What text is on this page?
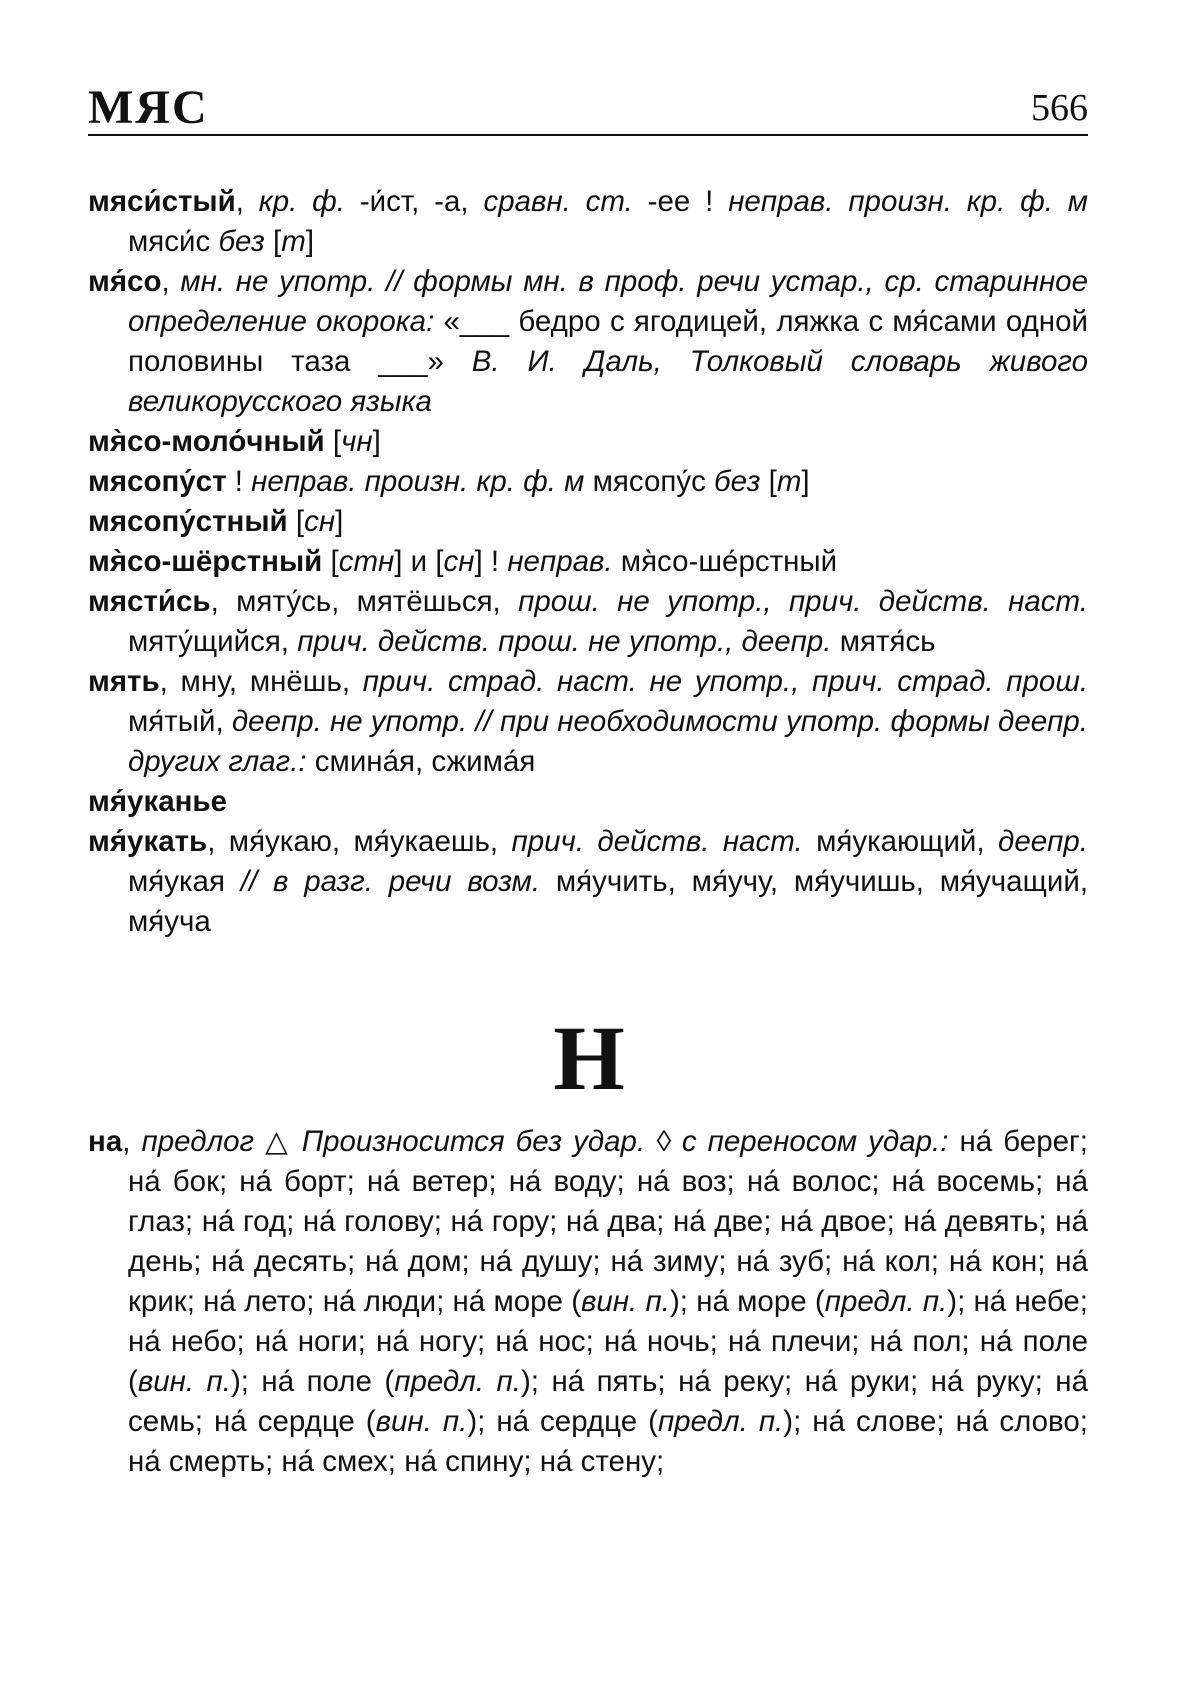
МЯС	566

мяси́стый, кр. ф. -и́ст, -а, сравн. ст. -ее ! неправ. произн. кр. ф. м мяси́с без [т]

мя́со, мн. не употр. // формы мн. в проф. речи устар., ср. старинное определение окорока: «___ бедро с ягодицей, ляжка с мя́сами одной половины таза ___» В. И. Даль, Толковый словарь живого великорусского языка

мя̀со-моло́чный [чн]

мясопу́ст ! неправ. произн. кр. ф. м мясопу́с без [т]

мясопу́стный [сн]

мя̀со-шёрстный [стн] и [сн] ! неправ. мя̀со-ше́рстный

мясти́сь, мяту́сь, мятёшься, прош. не употр., прич. действ. наст. мяту́щийся, прич. действ. прош. не употр., деепр. мятя́сь

мять, мну, мнёшь, прич. страд. наст. не употр., прич. страд. прош. мя́тый, деепр. не употр. // при необходимости употр. формы деепр. других глаг.: смина́я, сжима́я

мя́уканье

мя́укать, мя́укаю, мя́укаешь, прич. действ. наст. мя́укающий, деепр. мя́укая // в разг. речи возм. мя́учить, мя́учу, мя́учишь, мя́учащий, мя́уча

Н

на, предлог △ Произносится без удар. ◊ с переносом удар.: на́ берег; на́ бок; на́ борт; на́ ветер; на́ воду; на́ воз; на́ волос; на́ восемь; на́ глаз; на́ год; на́ голову; на́ гору; на́ два; на́ две; на́ двое; на́ девять; на́ день; на́ десять; на́ дом; на́ душу; на́ зиму; на́ зуб; на́ кол; на́ кон; на́ крик; на́ лето; на́ люди; на́ море (вин. п.); на́ море (предл. п.); на́ небе; на́ небо; на́ ноги; на́ ногу; на́ нос; на́ ночь; на́ плечи; на́ пол; на́ поле (вин. п.); на́ поле (предл. п.); на́ пять; на́ реку; на́ руки; на́ руку; на́ семь; на́ сердце (вин. п.); на́ сердце (предл. п.); на́ слове; на́ слово; на́ смерть; на́ смех; на́ спину; на́ стену;
